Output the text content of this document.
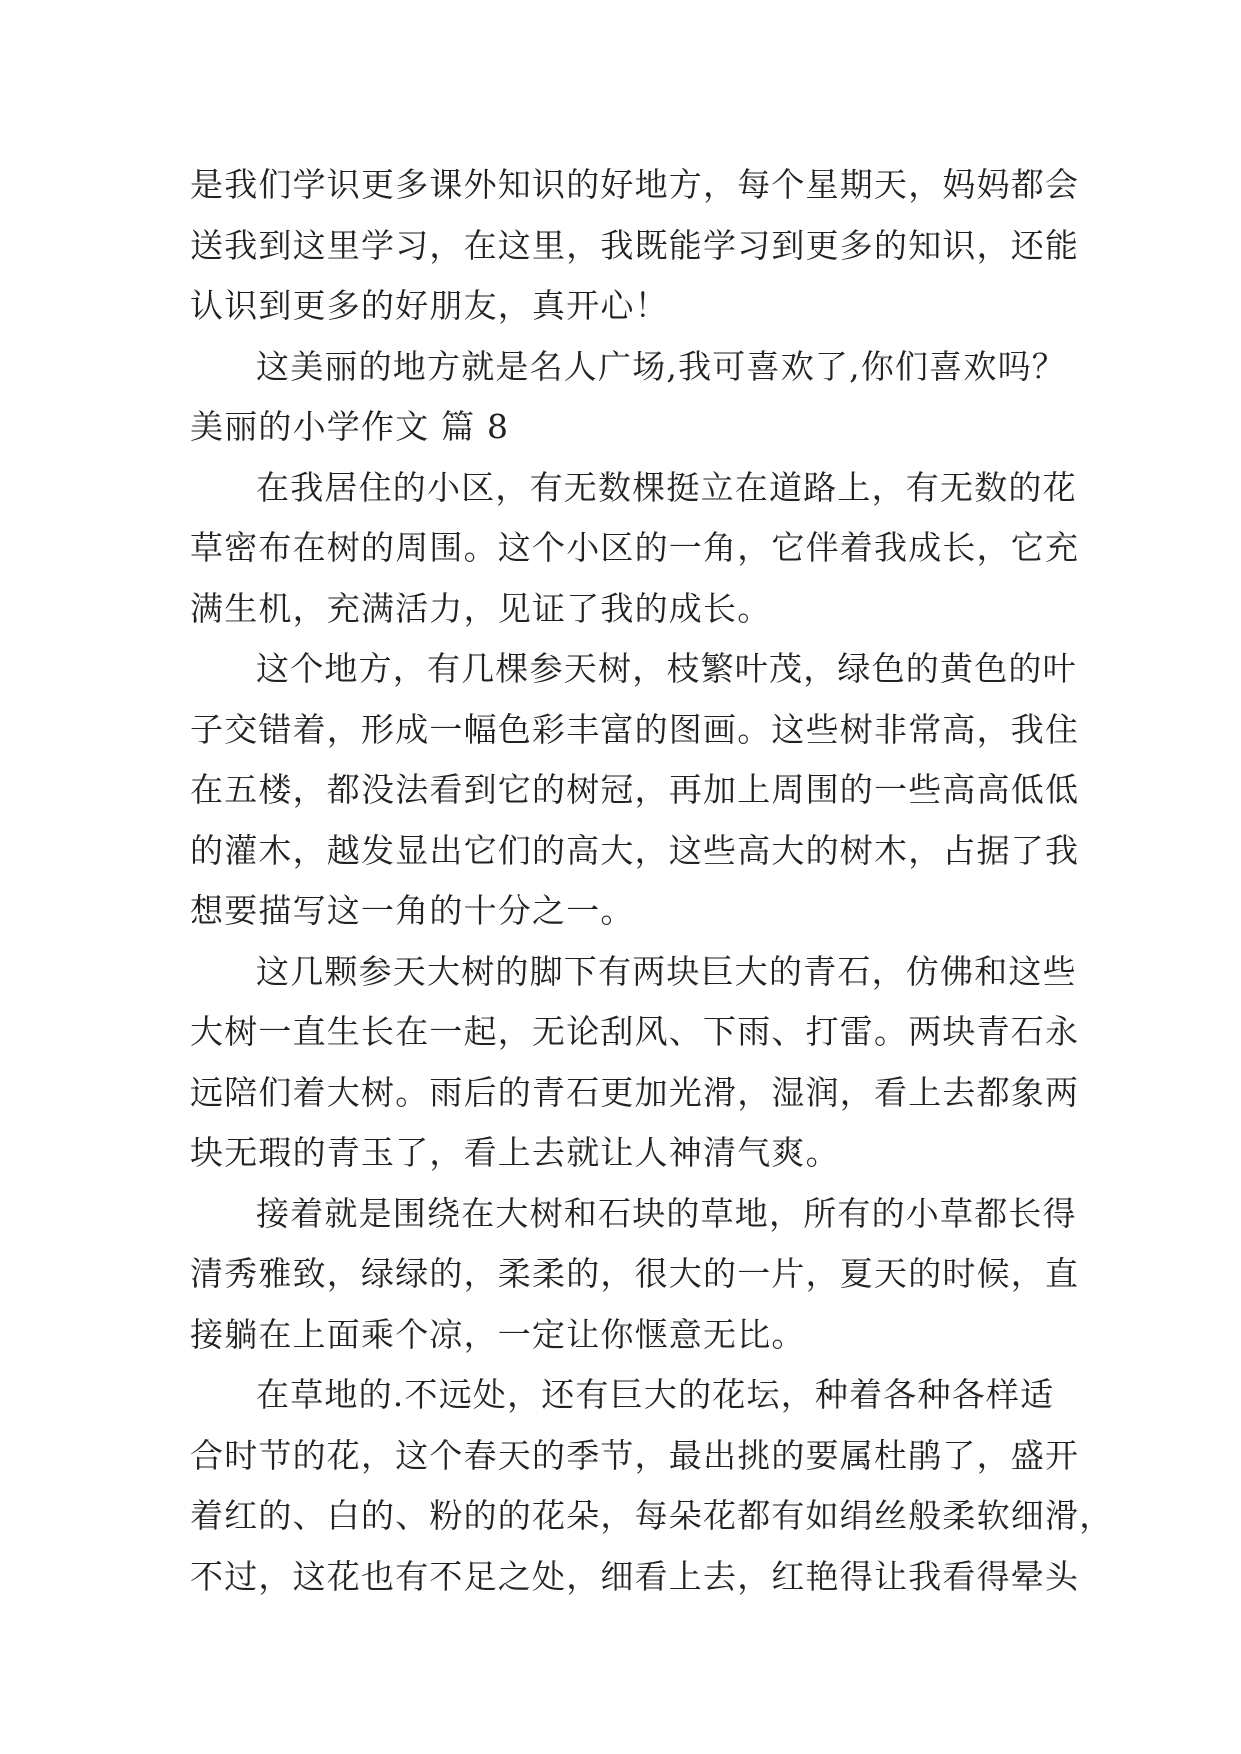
是我们学识更多课外知识的好地方，每个星期天，妈妈都会
送我到这里学习，在这里，我既能学习到更多的知识，还能
认识到更多的好朋友，真开心！
这美丽的地方就是名人广场,我可喜欢了,你们喜欢吗？
美丽的小学作文 篇 8
在我居住的小区，有无数棵挺立在道路上，有无数的花
草密布在树的周围。这个小区的一角，它伴着我成长，它充
满生机，充满活力，见证了我的成长。
这个地方，有几棵参天树，枝繁叶茂，绿色的黄色的叶
子交错着，形成一幅色彩丰富的图画。这些树非常高，我住
在五楼，都没法看到它的树冠，再加上周围的一些高高低低
的灌木，越发显出它们的高大，这些高大的树木，占据了我
想要描写这一角的十分之一。
这几颗参天大树的脚下有两块巨大的青石，仿佛和这些
大树一直生长在一起，无论刮风、下雨、打雷。两块青石永
远陪们着大树。雨后的青石更加光滑，湿润，看上去都象两
块无瑕的青玉了，看上去就让人神清气爽。
接着就是围绕在大树和石块的草地，所有的小草都长得
清秀雅致，绿绿的，柔柔的，很大的一片，夏天的时候，直
接躺在上面乘个凉，一定让你惬意无比。
在草地的.不远处，还有巨大的花坛，种着各种各样适
合时节的花，这个春天的季节，最出挑的要属杜鹃了，盛开
着红的、白的、粉的的花朵，每朵花都有如绢丝般柔软细滑，
不过，这花也有不足之处，细看上去，红艳得让我看得晕头
